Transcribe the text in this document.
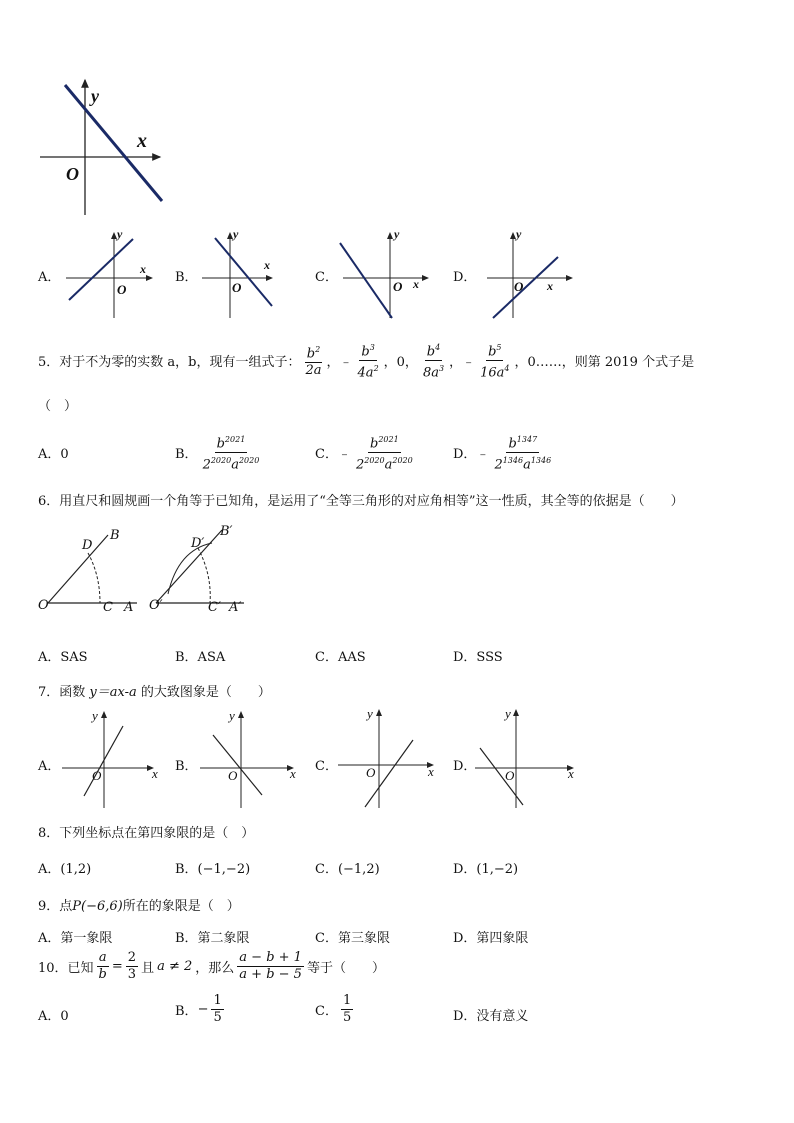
y
x
O
A．
y
x
O
B．
y
x
O
C．
y
x
O
D．
y
x
O
5．对于不为零的实数 a，b，现有一组式子： $\frac{b^2}{2a}$ ，﹣ $\frac{b^3}{4a^2}$ ，0， $\frac{b^4}{8a^3}$ ，﹣ $\frac{b^5}{16a^4}$ ，0……，则第 2019 个式子是
（　）
A．0	B． $\frac{b^{2021}}{2^{2020}a^{2020}}$	C．﹣ $\frac{b^{2021}}{2^{2020}a^{2020}}$	D．﹣ $\frac{b^{1347}}{2^{1346}a^{1346}}$
6．用直尺和圆规画一个角等于已知角，是运用了“全等三角形的对应角相等”这一性质，其全等的依据是（　　）
O	C A
D
B
O′	C′ A′
D′
B′
A．SAS	B．ASA	C．AAS	D．SSS
7．函数 y＝ax-a 的大致图象是（　　）
A．
y
x
O
B．
y
x
O
C．
y
x
O	D．
y
x
O
8．下列坐标点在第四象限的是（　）
A．(1,2)	B．(−1,−2)	C．(−1,2)	D．(1,−2)
9．点P(−6,6)所在的象限是（　）
A．第一象限	B．第二象限	C．第三象限	D．第四象限
10．已知 $\frac{a}{b} = \frac{2}{3}$ 且 a ≠ 2 ，那么 $\frac{a - b + 1}{a + b - 5}$ 等于（　　）
A．0	B． − $\frac{1}{5}$	C． $\frac{1}{5}$	D．没有意义
